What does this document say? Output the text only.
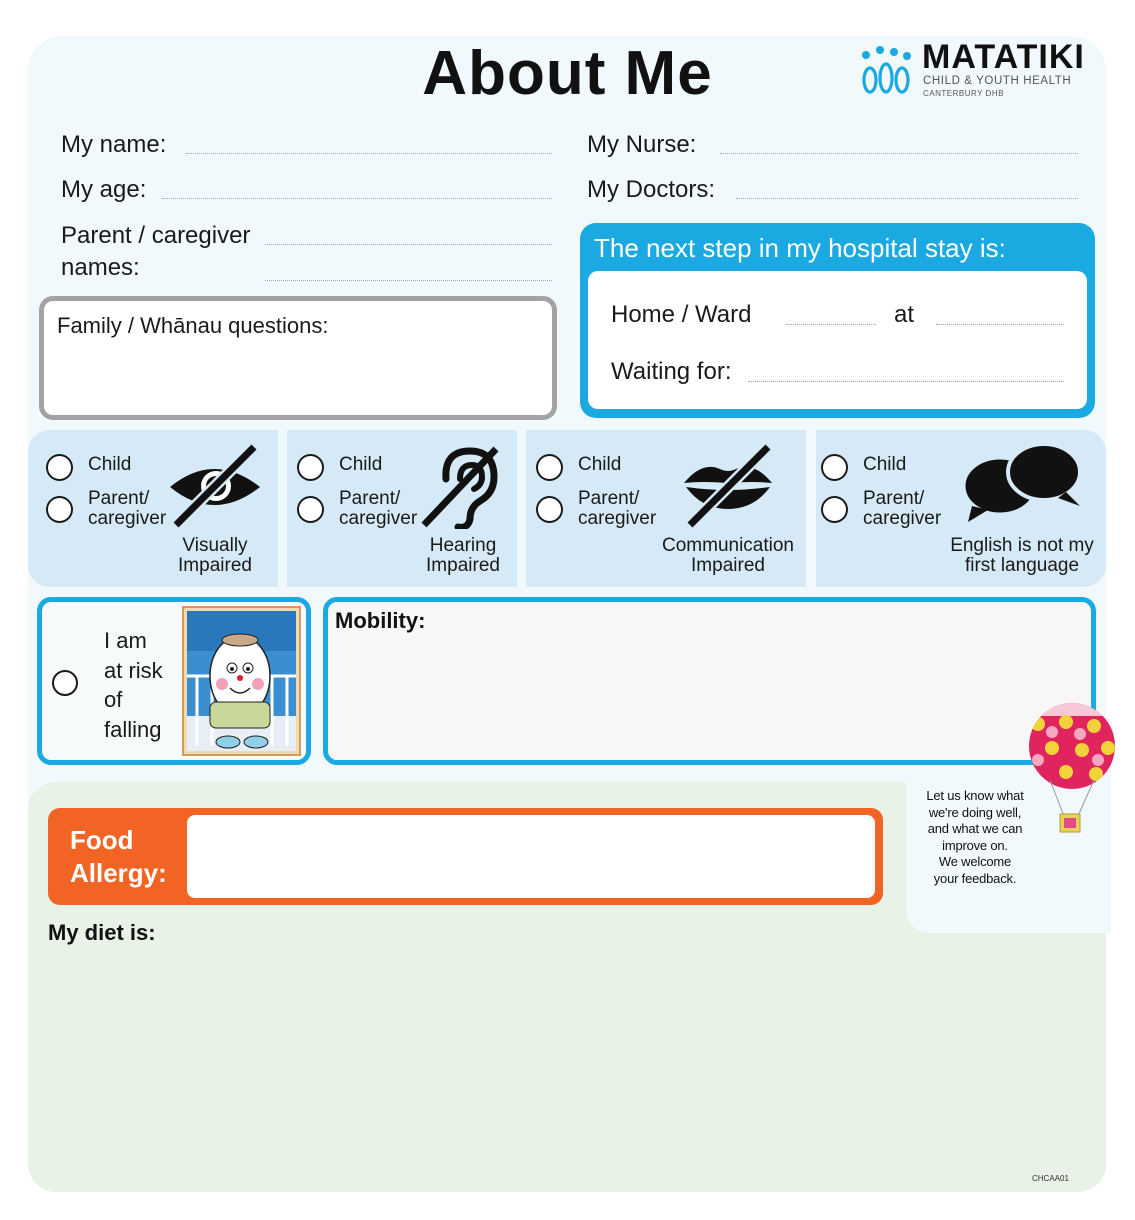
About Me	MATATIKI
CHILD & YOUTH HEALTH
CANTERBURY DHB
My name:
My age:
Parent / caregiver
names:
My Nurse:
My Doctors:
Family / Whānau questions:
The next step in my hospital stay is:
Home / Ward	at
Waiting for:
Child
Parent/
caregiver
Visually
Impaired
Child
Parent/
caregiver
Hearing
Impaired
Child
Parent/
caregiver
Communication
Impaired
Child
Parent/
caregiver
English is not my
first language
I am
at risk
of
falling
Mobility:
Let us know what
we're doing well,
and what we can
improve on.
We welcome
your feedback.
Food
Allergy:
My diet is:
CHCAA01
